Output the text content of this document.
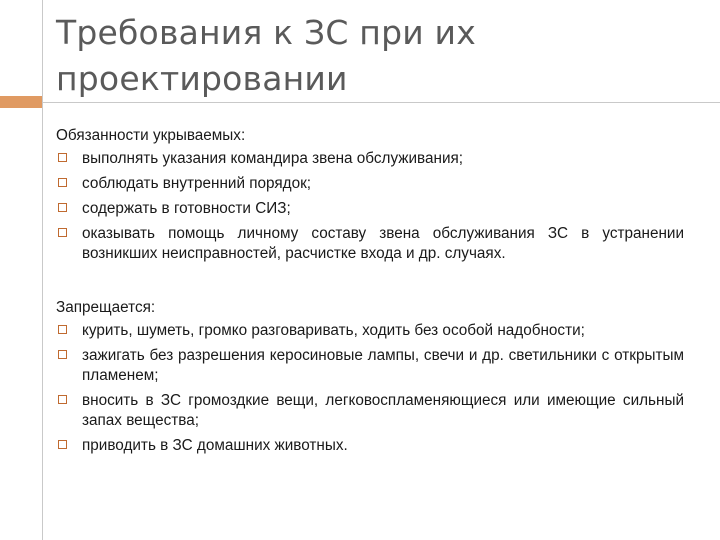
Требования к ЗС при их проектировании
Обязанности укрываемых:
выполнять указания командира звена обслуживания;
соблюдать внутренний порядок;
содержать в готовности СИЗ;
оказывать помощь личному составу звена обслуживания ЗС в устранении возникших неисправностей, расчистке входа и др. случаях.
Запрещается:
курить, шуметь, громко разговаривать, ходить без особой надобности;
зажигать без разрешения керосиновые лампы, свечи и др. светильники с открытым пламенем;
вносить в ЗС громоздкие вещи, легковоспламеняющиеся или имеющие сильный запах вещества;
приводить в ЗС домашних животных.
